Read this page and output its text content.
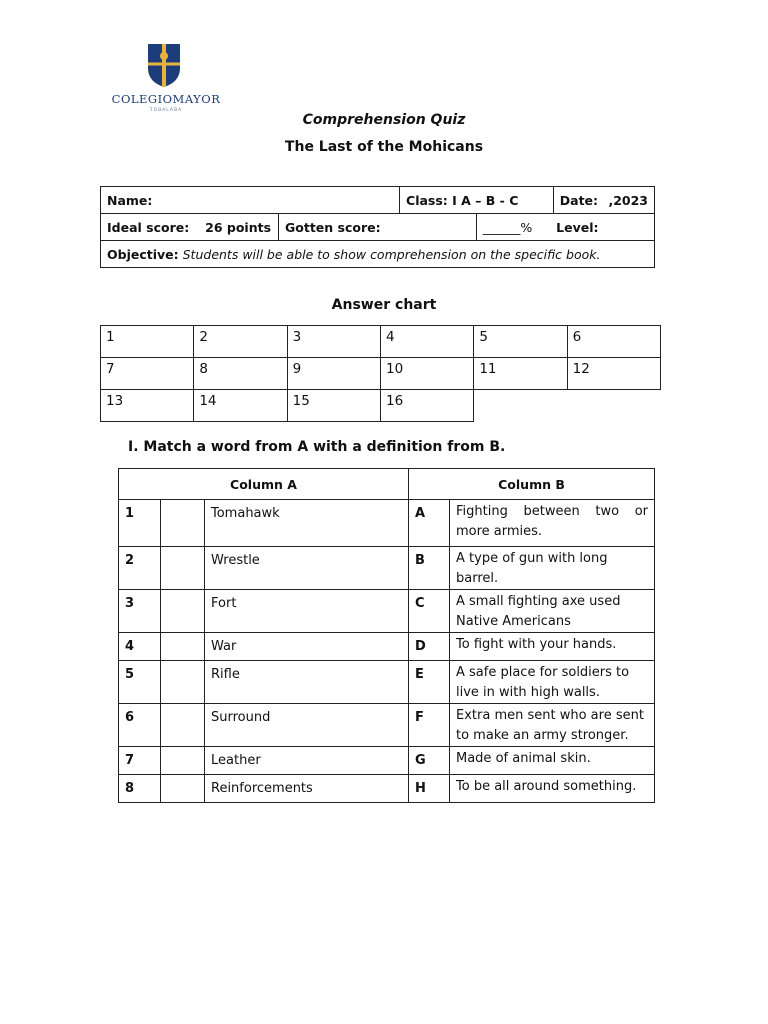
COLEGIOMAYOR
TOBALABA
Comprehension Quiz
The Last of the Mohicans
Name:		Class: I A – B - C		Date: ,2023

Ideal score: 26 points	Gotten score:		______% Level:	
Objective: Students will be able to show comprehension on the specific book.				
Answer chart
1	2	3	4	5	6
7	8	9	10	11	12
13	14	15	16		
I. Match a word from A with a definition from B.
Column A			Column B	
1		Tomahawk	A	Fighting between two or more armies.
2		Wrestle	B	A type of gun with long barrel.
3		Fort	C	A small fighting axe used Native Americans
4		War	D	To fight with your hands.
5		Rifle	E	A safe place for soldiers to live in with high walls.
6		Surround	F	Extra men sent who are sent to make an army stronger.
7		Leather	G	Made of animal skin.
8		Reinforcements	H	To be all around something.
